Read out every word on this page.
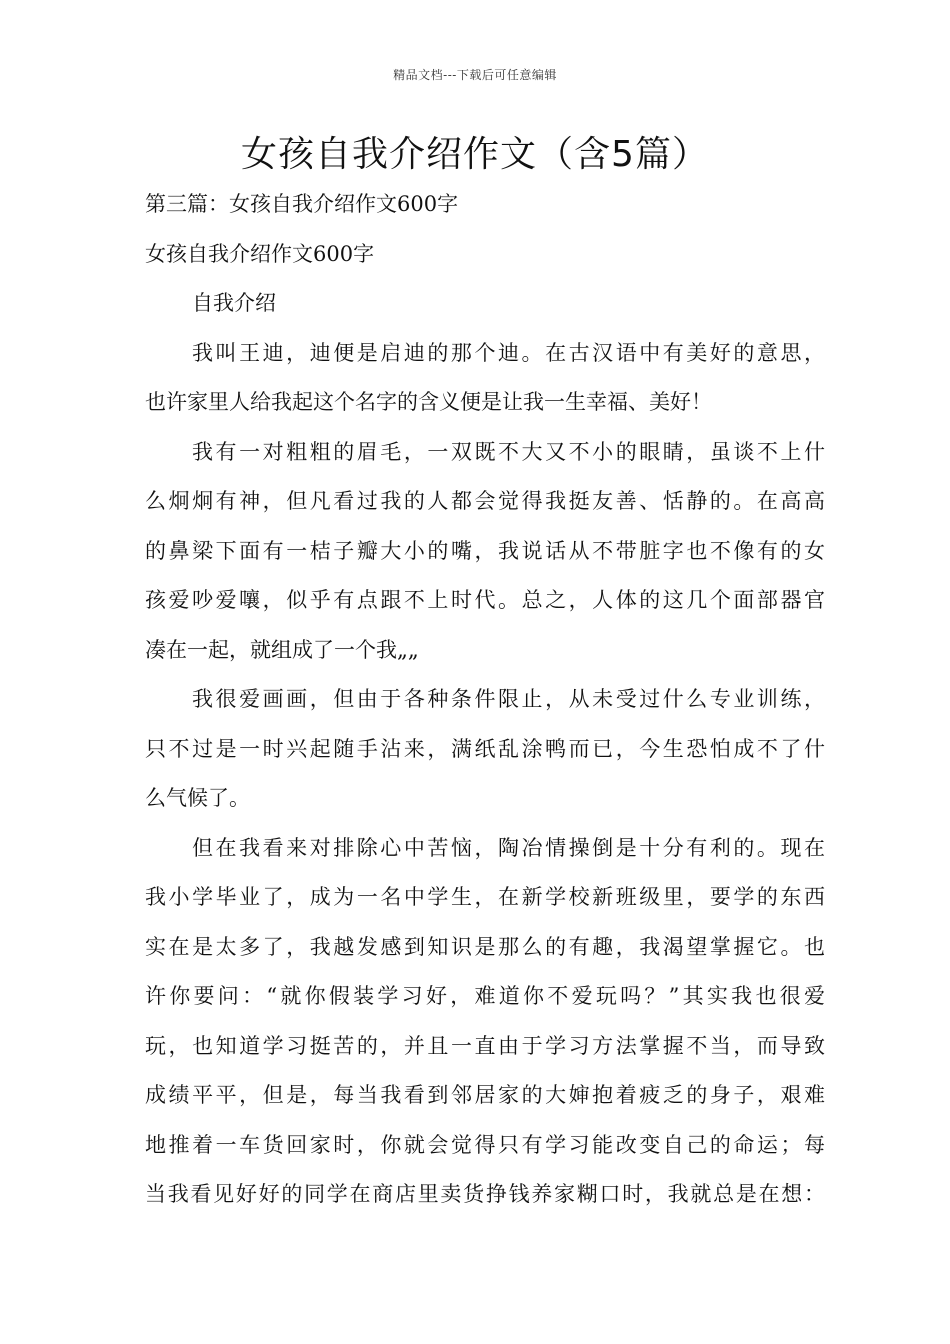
精品文档---下载后可任意编辑
女孩自我介绍作文（含5篇）
第三篇：女孩自我介绍作文600字
女孩自我介绍作文600字
自我介绍
我叫王迪，迪便是启迪的那个迪。在古汉语中有美好的意思，
也许家里人给我起这个名字的含义便是让我一生幸福、美好！
我有一对粗粗的眉毛，一双既不大又不小的眼睛，虽谈不上什
么炯炯有神，但凡看过我的人都会觉得我挺友善、恬静的。在高高
的鼻梁下面有一桔子瓣大小的嘴，我说话从不带脏字也不像有的女
孩爱吵爱嚷，似乎有点跟不上时代。总之，人体的这几个面部器官
凑在一起，就组成了一个我„„
我很爱画画，但由于各种条件限止，从未受过什么专业训练，
只不过是一时兴起随手沾来，满纸乱涂鸭而已，今生恐怕成不了什
么气候了。
但在我看来对排除心中苦恼，陶冶情操倒是十分有利的。现在
我小学毕业了，成为一名中学生，在新学校新班级里，要学的东西
实在是太多了，我越发感到知识是那么的有趣，我渴望掌握它。也
许你要问：“就你假装学习好，难道你不爱玩吗？”其实我也很爱
玩，也知道学习挺苦的，并且一直由于学习方法掌握不当，而导致
成绩平平，但是，每当我看到邻居家的大婶抱着疲乏的身子，艰难
地推着一车货回家时，你就会觉得只有学习能改变自己的命运；每
当我看见好好的同学在商店里卖货挣钱养家糊口时，我就总是在想：
